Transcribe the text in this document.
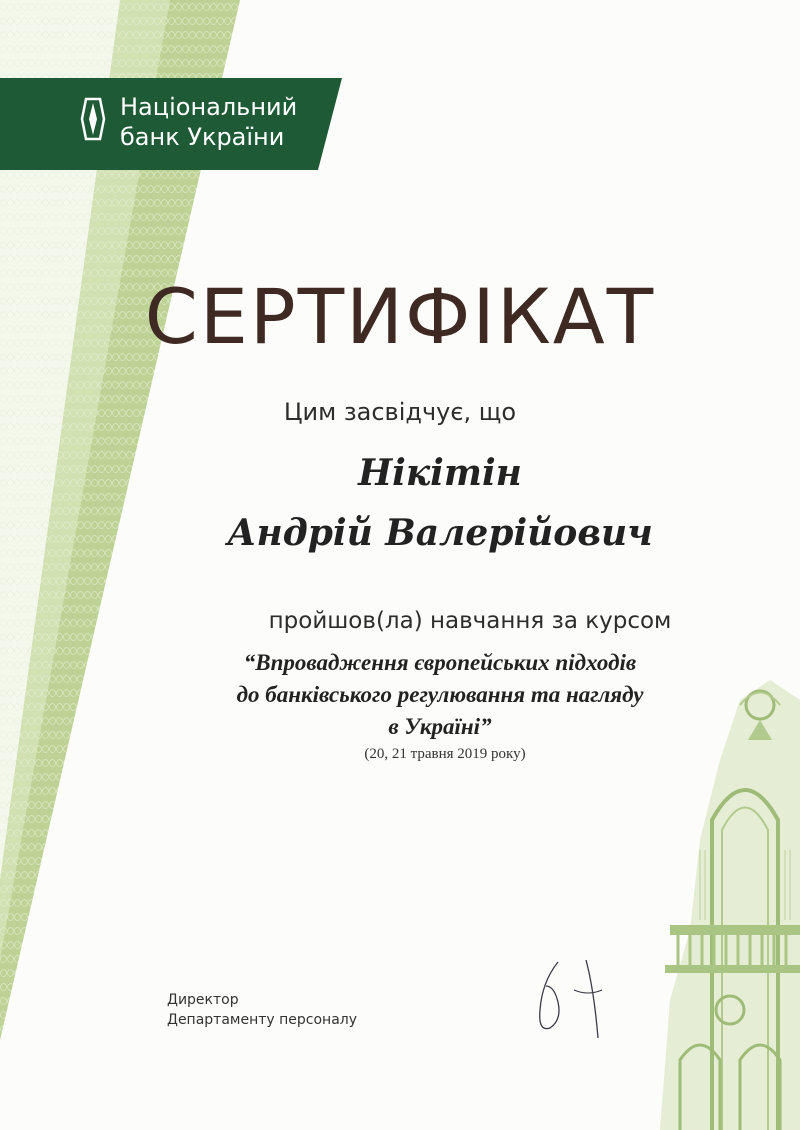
Національний
банк України
СЕРТИФІКАТ
Цим засвідчує, що
Нікітін
Андрій Валерійович
пройшов(ла) навчання за курсом
“Впровадження європейських підходів
до банківського регулювання та нагляду
в Україні”
(20, 21 травня 2019 року)
Директор
Департаменту персоналу
